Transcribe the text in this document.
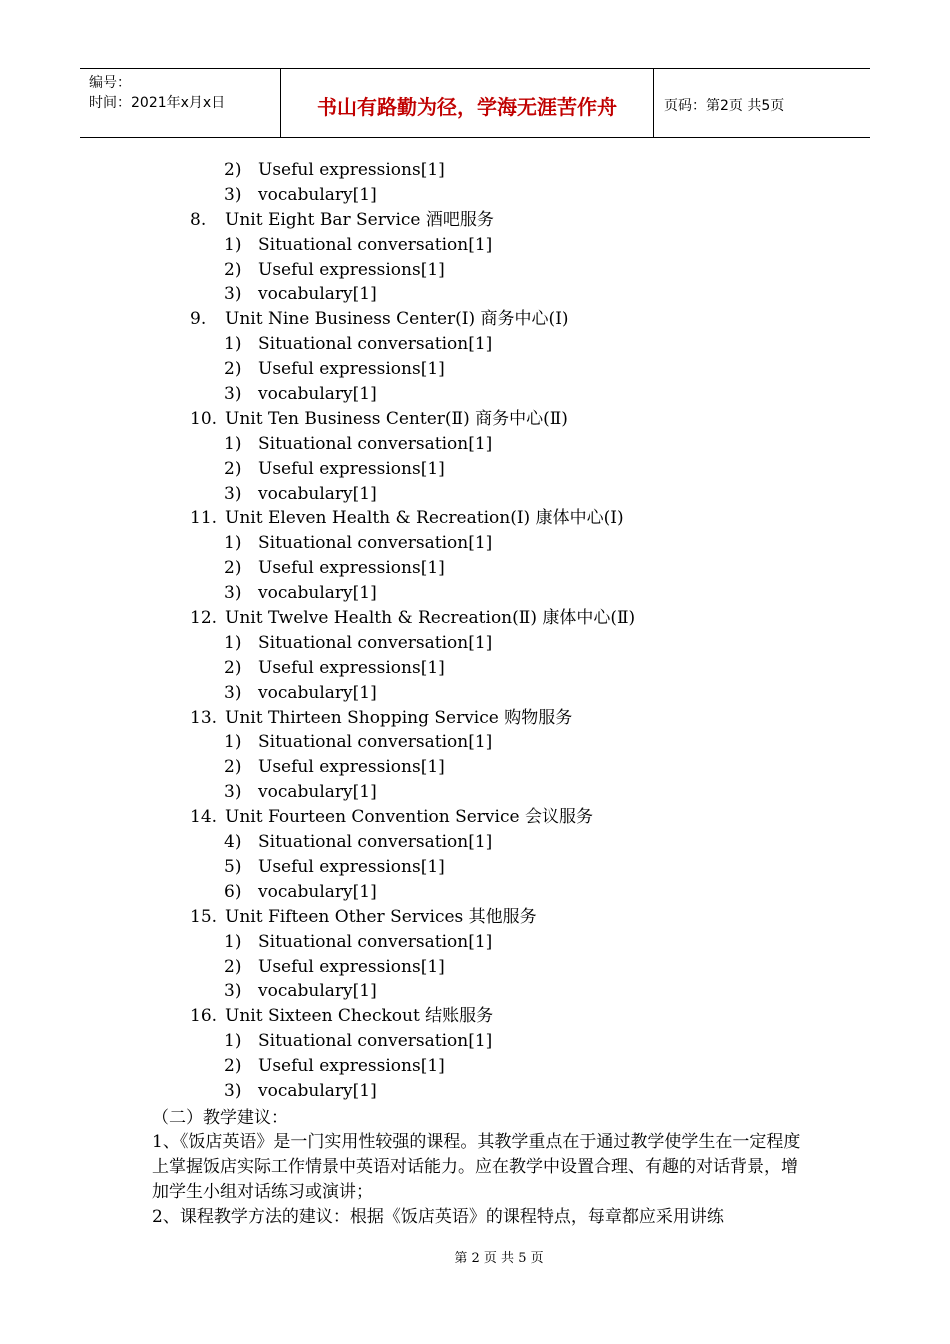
编号：
时间：2021年x月x日	书山有路勤为径，学海无涯苦作舟	页码：第2页 共5页
2) Useful expressions[1]
3) vocabulary[1]
8. Unit Eight Bar Service 酒吧服务
1) Situational conversation[1]
2) Useful expressions[1]
3) vocabulary[1]
9. Unit Nine Business Center(Ⅰ) 商务中心(Ⅰ)
1) Situational conversation[1]
2) Useful expressions[1]
3) vocabulary[1]
10. Unit Ten Business Center(Ⅱ) 商务中心(Ⅱ)
1) Situational conversation[1]
2) Useful expressions[1]
3) vocabulary[1]
11. Unit Eleven Health & Recreation(Ⅰ) 康体中心(Ⅰ)
1) Situational conversation[1]
2) Useful expressions[1]
3) vocabulary[1]
12. Unit Twelve Health & Recreation(Ⅱ) 康体中心(Ⅱ)
1) Situational conversation[1]
2) Useful expressions[1]
3) vocabulary[1]
13. Unit Thirteen Shopping Service 购物服务
1) Situational conversation[1]
2) Useful expressions[1]
3) vocabulary[1]
14. Unit Fourteen Convention Service 会议服务
4) Situational conversation[1]
5) Useful expressions[1]
6) vocabulary[1]
15. Unit Fifteen Other Services 其他服务
1) Situational conversation[1]
2) Useful expressions[1]
3) vocabulary[1]
16. Unit Sixteen Checkout 结账服务
1) Situational conversation[1]
2) Useful expressions[1]
3) vocabulary[1]
（二）教学建议：

1、《饭店英语》是一门实用性较强的课程。其教学重点在于通过教学使学生在一定程度上掌握饭店实际工作情景中英语对话能力。应在教学中设置合理、有趣的对话背景，增加学生小组对话练习或演讲；

2、课程教学方法的建议：根据《饭店英语》的课程特点，每章都应采用讲练

第 2 页 共 5 页
